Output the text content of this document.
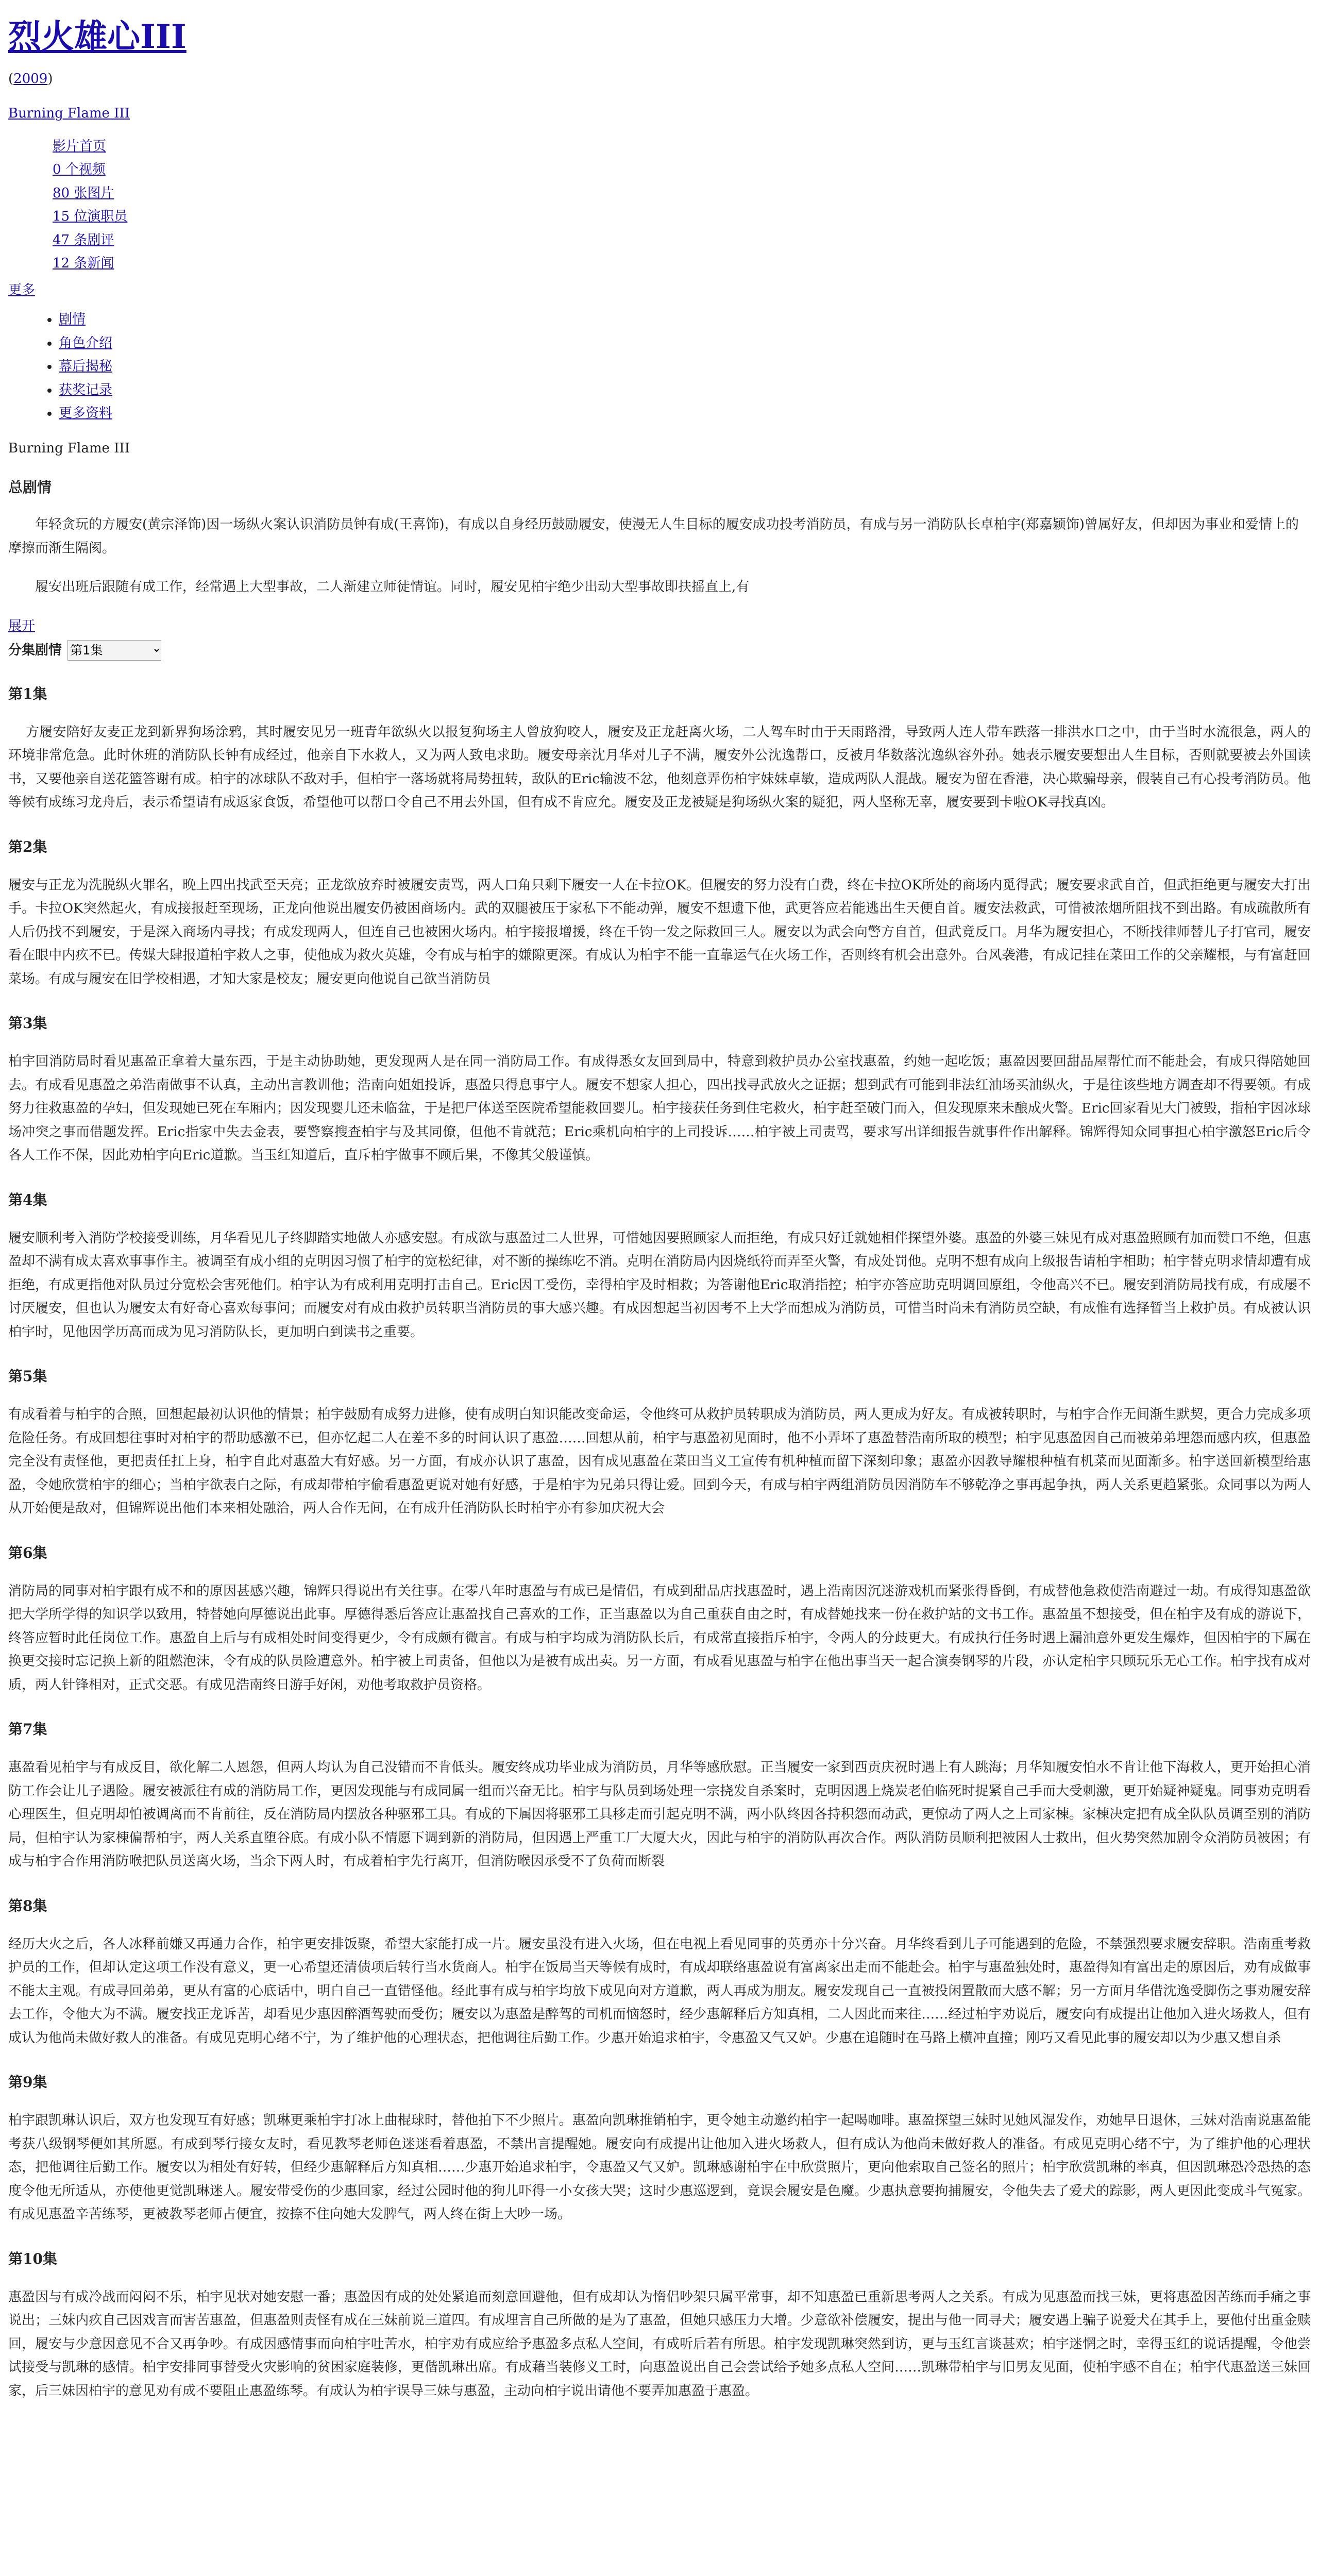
烈火雄心III
(2009)
Burning Flame III
影片首页
0 个视频
80 张图片
15 位演职员
47 条剧评
12 条新闻
更多
• 剧情
• 角色介绍
• 幕后揭秘
• 获奖记录
• 更多资料
Burning Flame III
总剧情

年轻贪玩的方履安(黄宗泽饰)因一场纵火案认识消防员钟有成(王喜饰)，有成以自身经历鼓励履安，使漫无人生目标的履安成功投考消防员，有成与另一消防队长卓柏宇(郑嘉颖饰)曾属好友，但却因为事业和爱情上的摩擦而渐生隔阂。

履安出班后跟随有成工作，经常遇上大型事故，二人渐建立师徒情谊。同时，履安见柏宇绝少出动大型事故即扶摇直上,有

展开
分集剧情
第1集
第1集

方履安陪好友麦正龙到新界狗场涂鸦，其时履安见另一班青年欲纵火以报复狗场主人曾放狗咬人，履安及正龙赶离火场，二人驾车时由于天雨路滑，导致两人连人带车跌落一排洪水口之中，由于当时水流很急，两人的环境非常危急。此时休班的消防队长钟有成经过，他亲自下水救人，又为两人致电求助。履安母亲沈月华对儿子不满，履安外公沈逸帮口，反被月华数落沈逸纵容外孙。她表示履安要想出人生目标，否则就要被去外国读书，又要他亲自送花篮答谢有成。柏宇的冰球队不敌对手，但柏宇一落场就将局势扭转，敌队的Eric输波不忿，他刻意弄伤柏宇妹妹卓敏，造成两队人混战。履安为留在香港，决心欺骗母亲，假装自己有心投考消防员。他等候有成练习龙舟后，表示希望请有成返家食饭，希望他可以帮口令自己不用去外国，但有成不肯应允。履安及正龙被疑是狗场纵火案的疑犯，两人坚称无辜，履安要到卡啦OK寻找真凶。

第2集

履安与正龙为洗脱纵火罪名，晚上四出找武至天亮；正龙欲放弃时被履安责骂，两人口角只剩下履安一人在卡拉OK。但履安的努力没有白费，终在卡拉OK所处的商场内觅得武；履安要求武自首，但武拒绝更与履安大打出手。卡拉OK突然起火，有成接报赶至现场，正龙向他说出履安仍被困商场内。武的双腿被压于家私下不能动弹，履安不想遗下他，武更答应若能逃出生天便自首。履安法救武，可惜被浓烟所阻找不到出路。有成疏散所有人后仍找不到履安，于是深入商场内寻找；有成发现两人，但连自己也被困火场内。柏宇接报增援，终在千钧一发之际救回三人。履安以为武会向警方自首，但武竟反口。月华为履安担心，不断找律师替儿子打官司，履安看在眼中内疚不已。传媒大肆报道柏宇救人之事，使他成为救火英雄，令有成与柏宇的嫌隙更深。有成认为柏宇不能一直靠运气在火场工作，否则终有机会出意外。台风袭港，有成记挂在菜田工作的父亲耀根，与有富赶回菜场。有成与履安在旧学校相遇，才知大家是校友；履安更向他说自己欲当消防员

第3集

柏宇回消防局时看见惠盈正拿着大量东西，于是主动协助她，更发现两人是在同一消防局工作。有成得悉女友回到局中，特意到救护员办公室找惠盈，约她一起吃饭；惠盈因要回甜品屋帮忙而不能赴会，有成只得陪她回去。有成看见惠盈之弟浩南做事不认真，主动出言教训他；浩南向姐姐投诉，惠盈只得息事宁人。履安不想家人担心，四出找寻武放火之证据；想到武有可能到非法红油场买油纵火，于是往该些地方调查却不得要领。有成努力往救惠盈的孕妇，但发现她已死在车厢内；因发现婴儿还未临盆，于是把尸体送至医院希望能救回婴儿。柏宇接获任务到住宅救火，柏宇赶至破门而入，但发现原来未酿成火警。Eric回家看见大门被毁，指柏宇因冰球场冲突之事而借题发挥。Eric指家中失去金表，要警察搜查柏宇与及其同僚，但他不肯就范；Eric乘机向柏宇的上司投诉……柏宇被上司责骂，要求写出详细报告就事件作出解释。锦辉得知众同事担心柏宇激怒Eric后令各人工作不保，因此劝柏宇向Eric道歉。当玉红知道后，直斥柏宇做事不顾后果，不像其父般谨慎。

第4集

履安顺利考入消防学校接受训练，月华看见儿子终脚踏实地做人亦感安慰。有成欲与惠盈过二人世界，可惜她因要照顾家人而拒绝，有成只好迁就她相伴探望外婆。惠盈的外婆三妹见有成对惠盈照顾有加而赞口不绝，但惠盈却不满有成太喜欢事事作主。被调至有成小组的克明因习惯了柏宇的宽松纪律，对不断的操练吃不消。克明在消防局内因烧纸符而弄至火警，有成处罚他。克明不想有成向上级报告请柏宇相助；柏宇替克明求情却遭有成拒绝，有成更指他对队员过分宽松会害死他们。柏宇认为有成利用克明打击自己。Eric因工受伤，幸得柏宇及时相救；为答谢他Eric取消指控；柏宇亦答应助克明调回原组，令他高兴不已。履安到消防局找有成，有成屡不讨厌履安，但也认为履安太有好奇心喜欢每事问；而履安对有成由救护员转职当消防员的事大感兴趣。有成因想起当初因考不上大学而想成为消防员，可惜当时尚未有消防员空缺，有成惟有选择暂当上救护员。有成被认识柏宇时，见他因学历高而成为见习消防队长，更加明白到读书之重要。

第5集

有成看着与柏宇的合照，回想起最初认识他的情景；柏宇鼓励有成努力进修，使有成明白知识能改变命运，令他终可从救护员转职成为消防员，两人更成为好友。有成被转职时，与柏宇合作无间渐生默契，更合力完成多项危险任务。有成回想往事时对柏宇的帮助感激不已，但亦忆起二人在差不多的时间认识了惠盈……回想从前，柏宇与惠盈初见面时，他不小弄坏了惠盈替浩南所取的模型；柏宇见惠盈因自己而被弟弟埋怨而感内疚，但惠盈完全没有责怪他，更把责任扛上身，柏宇自此对惠盈大有好感。另一方面，有成亦认识了惠盈，因有成见惠盈在菜田当义工宣传有机种植而留下深刻印象；惠盈亦因教导耀根种植有机菜而见面渐多。柏宇送回新模型给惠盈，令她欣赏柏宇的细心；当柏宇欲表白之际，有成却带柏宇偷看惠盈更说对她有好感，于是柏宇为兄弟只得让爱。回到今天，有成与柏宇两组消防员因消防车不够乾净之事再起争执，两人关系更趋紧张。众同事以为两人从开始便是敌对，但锦辉说出他们本来相处融洽，两人合作无间，在有成升任消防队长时柏宇亦有参加庆祝大会

第6集

消防局的同事对柏宇跟有成不和的原因甚感兴趣，锦辉只得说出有关往事。在零八年时惠盈与有成已是情侣，有成到甜品店找惠盈时，遇上浩南因沉迷游戏机而紧张得昏倒，有成替他急救使浩南避过一劫。有成得知惠盈欲把大学所学得的知识学以致用，特替她向厚德说出此事。厚德得悉后答应让惠盈找自己喜欢的工作，正当惠盈以为自己重获自由之时，有成替她找来一份在救护站的文书工作。惠盈虽不想接受，但在柏宇及有成的游说下，终答应暂时此任岗位工作。惠盈自上后与有成相处时间变得更少，令有成颇有微言。有成与柏宇均成为消防队长后，有成常直接指斥柏宇，令两人的分歧更大。有成执行任务时遇上漏油意外更发生爆炸，但因柏宇的下属在换更交接时忘记换上新的阻燃泡沫，令有成的队员险遭意外。柏宇被上司责备，但他以为是被有成出卖。另一方面，有成看见惠盈与柏宇在他出事当天一起合演奏钢琴的片段，亦认定柏宇只顾玩乐无心工作。柏宇找有成对质，两人针锋相对，正式交恶。有成见浩南终日游手好闲，劝他考取救护员资格。

第7集

惠盈看见柏宇与有成反目，欲化解二人恩怨，但两人均认为自己没错而不肯低头。履安终成功毕业成为消防员，月华等感欣慰。正当履安一家到西贡庆祝时遇上有人跳海；月华知履安怕水不肯让他下海救人，更开始担心消防工作会让儿子遇险。履安被派往有成的消防局工作，更因发现能与有成同属一组而兴奋无比。柏宇与队员到场处理一宗挠发自杀案时，克明因遇上烧炭老伯临死时捉紧自己手而大受刺激，更开始疑神疑鬼。同事劝克明看心理医生，但克明却怕被调离而不肯前往，反在消防局内摆放各种驱邪工具。有成的下属因将驱邪工具移走而引起克明不满，两小队终因各持积怨而动武，更惊动了两人之上司家棟。家棟决定把有成全队队员调至别的消防局，但柏宇认为家棟偏帮柏宇，两人关系直堕谷底。有成小队不情愿下调到新的消防局，但因遇上严重工厂大厦大火，因此与柏宇的消防队再次合作。两队消防员顺利把被困人士救出，但火势突然加剧令众消防员被困；有成与柏宇合作用消防喉把队员送离火场，当余下两人时，有成着柏宇先行离开，但消防喉因承受不了负荷而断裂

第8集

经历大火之后，各人冰释前嫌又再通力合作，柏宇更安排饭聚，希望大家能打成一片。履安虽没有进入火场，但在电视上看见同事的英勇亦十分兴奋。月华终看到儿子可能遇到的危险，不禁强烈要求履安辞职。浩南重考救护员的工作，但却认定这项工作没有意义，更一心希望还清债项后转行当水货商人。柏宇在饭局当天等候有成时，有成却联络惠盈说有富离家出走而不能赴会。柏宇与惠盈独处时，惠盈得知有富出走的原因后，劝有成做事不能太主观。有成寻回弟弟，更从有富的心底话中，明白自己一直错怪他。经此事有成与柏宇均放下成见向对方道歉，两人再成为朋友。履安发现自己一直被投闲置散而大感不解；另一方面月华借沈逸受脚伤之事劝履安辞去工作，令他大为不满。履安找正龙诉苦，却看见少惠因醉酒驾驶而受伤；履安以为惠盈是醉驾的司机而恼怒时，经少惠解释后方知真相，二人因此而来往……经过柏宇劝说后，履安向有成提出让他加入进火场救人，但有成认为他尚未做好救人的准备。有成见克明心绪不宁，为了维护他的心理状态，把他调往后勤工作。少惠开始追求柏宇，令惠盈又气又妒。少惠在追随时在马路上横冲直撞；刚巧又看见此事的履安却以为少惠又想自杀

第9集

柏宇跟凯琳认识后，双方也发现互有好感；凯琳更乘柏宇打冰上曲棍球时，替他拍下不少照片。惠盈向凯琳推销柏宇，更令她主动邀约柏宇一起喝咖啡。惠盈探望三妹时见她风湿发作，劝她早日退休，三妹对浩南说惠盈能考获八级钢琴便如其所愿。有成到琴行接女友时，看见教琴老师色迷迷看着惠盈，不禁出言提醒她。履安向有成提出让他加入进火场救人，但有成认为他尚未做好救人的准备。有成见克明心绪不宁，为了维护他的心理状态，把他调往后勤工作。履安以为相处有好转，但经少惠解释后方知真相……少惠开始追求柏宇，令惠盈又气又妒。凯琳感谢柏宇在中欣赏照片，更向他索取自己签名的照片；柏宇欣赏凯琳的率真，但因凯琳恐冷恐热的态度令他无所适从，亦使他更觉凯琳迷人。履安带受伤的少惠回家，经过公园时他的狗儿吓得一小女孩大哭；这时少惠巡逻到，竟误会履安是色魔。少惠执意要拘捕履安，令他失去了爱犬的踪影，两人更因此变成斗气冤家。有成见惠盈辛苦练琴，更被教琴老师占便宜，按捺不住向她大发脾气，两人终在街上大吵一场。

第10集

惠盈因与有成冷战而闷闷不乐，柏宇见状对她安慰一番；惠盈因有成的处处紧追而刻意回避他，但有成却认为惰侣吵架只属平常事，却不知惠盈已重新思考两人之关系。有成为见惠盈而找三妹，更将惠盈因苦练而手痛之事说出；三妹内疚自己因戏言而害苦惠盈，但惠盈则责怪有成在三妹前说三道四。有成埋言自己所做的是为了惠盈，但她只感压力大增。少意欲补偿履安，提出与他一同寻犬；履安遇上骗子说爱犬在其手上，要他付出重金赎回，履安与少意因意见不合又再争吵。有成因感情事而向柏宇吐苦水，柏宇劝有成应给予惠盈多点私人空间，有成听后若有所思。柏宇发现凯琳突然到访，更与玉红言谈甚欢；柏宇迷惘之时，幸得玉红的说话提醒，令他尝试接受与凯琳的感情。柏宇安排同事替受火灾影响的贫困家庭装修，更偕凯琳出席。有成藉当装修义工时，向惠盈说出自己会尝试给予她多点私人空间……凯琳带柏宇与旧男友见面，使柏宇感不自在；柏宇代惠盈送三妹回家，后三妹因柏宇的意见劝有成不要阻止惠盈练琴。有成认为柏宇误导三妹与惠盈，主动向柏宇说出请他不要弄加惠盈于惠盈。
